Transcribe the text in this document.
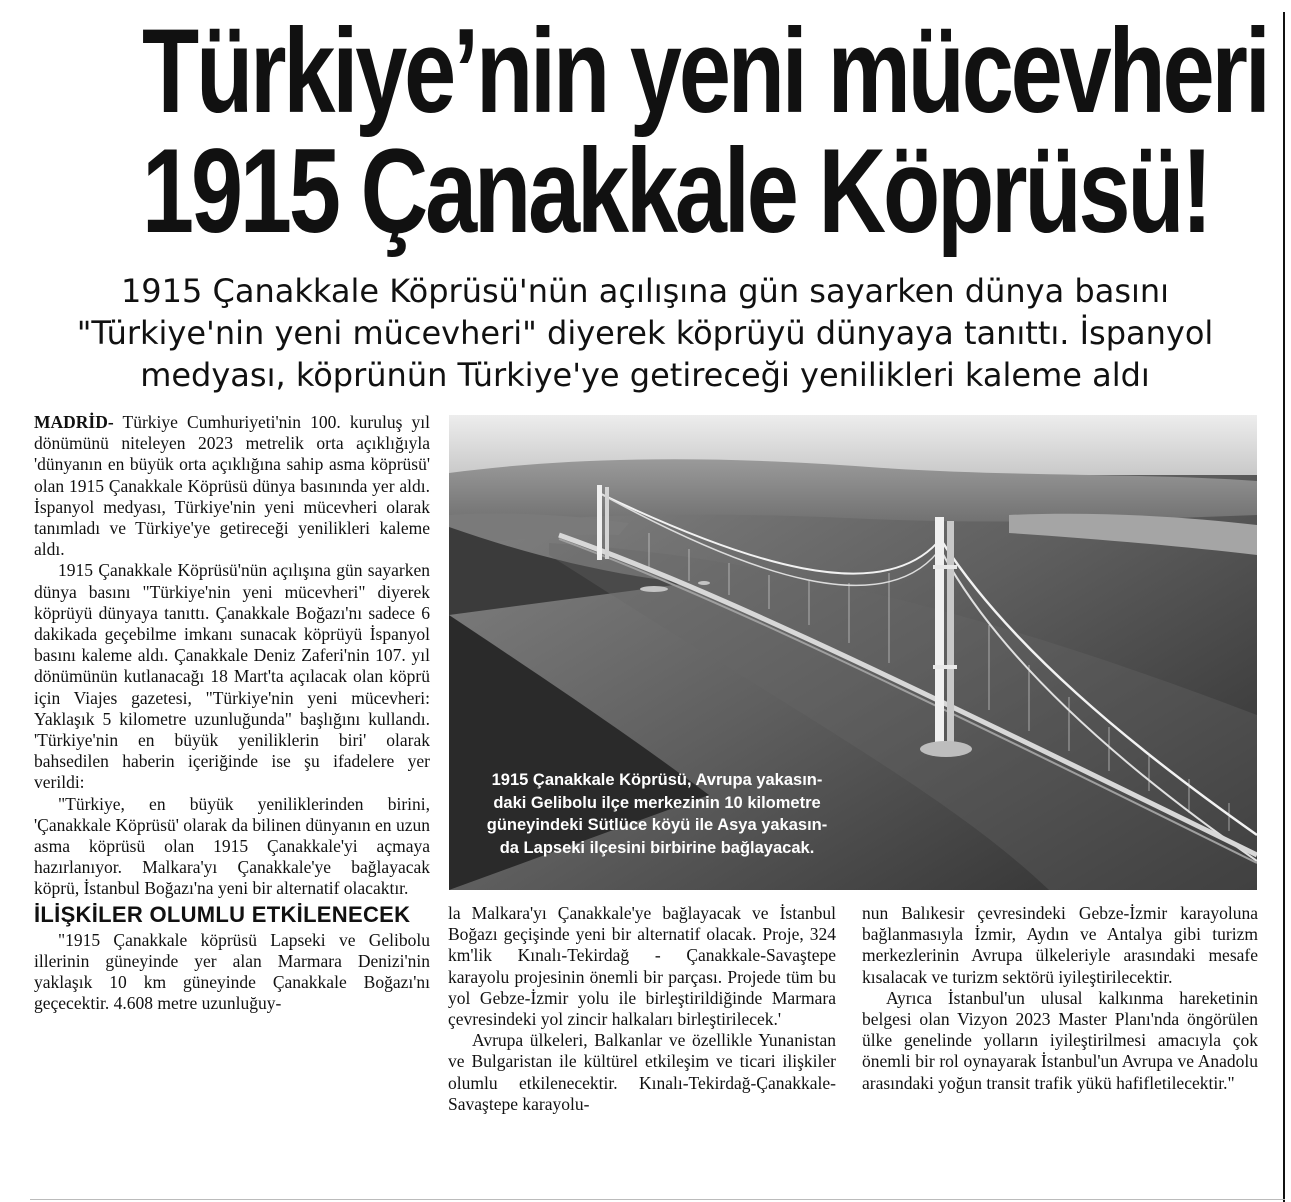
Türkiye’nin yeni mücevheri
1915 Çanakkale Köprüsü!
1915 Çanakkale Köprüsü'nün açılışına gün sayarken dünya basını
"Türkiye'nin yeni mücevheri" diyerek köprüyü dünyaya tanıttı. İspanyol
medyası, köprünün Türkiye'ye getireceği yenilikleri kaleme aldı

MADRİD- Türkiye Cumhuriyeti'nin 100. kuruluş yıl dönümünü niteleyen 2023 metrelik orta açıklığıyla 'dünyanın en büyük orta açıklığına sahip asma köprüsü' olan 1915 Çanakkale Köprüsü dünya basınında yer aldı. İspanyol medyası, Türkiye'nin yeni mücevheri olarak tanımladı ve Türkiye'ye getireceği yenilikleri kaleme aldı.

1915 Çanakkale Köprüsü'nün açılışına gün sayarken dünya basını "Türkiye'nin yeni mücevheri" diyerek köprüyü dünyaya tanıttı. Çanakkale Boğazı'nı sadece 6 dakikada geçebilme imkanı sunacak köprüyü İspanyol basını kaleme aldı. Çanakkale Deniz Zaferi'nin 107. yıl dönümünün kutlanacağı 18 Mart'ta açılacak olan köprü için Viajes gazetesi, "Türkiye'nin yeni mücevheri: Yaklaşık 5 kilometre uzunluğunda" başlığını kullandı. 'Türkiye'nin en büyük yeniliklerin biri' olarak bahsedilen haberin içeriğinde ise şu ifadelere yer verildi:

"Türkiye, en büyük yeniliklerinden birini, 'Çanakkale Köprüsü' olarak da bilinen dünyanın en uzun asma köprüsü olan 1915 Çanakkale'yi açmaya hazırlanıyor. Malkara'yı Çanakkale'ye bağlayacak köprü, İstanbul Boğazı'na yeni bir alternatif olacaktır.

İLİŞKİLER OLUMLU ETKİLENECEK

"1915 Çanakkale köprüsü Lapseki ve Gelibolu illerinin güneyinde yer alan Marmara Denizi'nin yaklaşık 10 km güneyinde Çanakkale Boğazı'nı geçecektir. 4.608 metre uzunluğuy-

1915 Çanakkale Köprüsü, Avrupa yakasın-
daki Gelibolu ilçe merkezinin 10 kilometre
güneyindeki Sütlüce köyü ile Asya yakasın-
da Lapseki ilçesini birbirine bağlayacak.

la Malkara'yı Çanakkale'ye bağlayacak ve İstanbul Boğazı geçişinde yeni bir alternatif olacak. Proje, 324 km'lik Kınalı-Tekirdağ - Çanakkale-Savaştepe karayolu projesinin önemli bir parçası. Projede tüm bu yol Gebze-İzmir yolu ile birleştirildiğinde Marmara çevresindeki yol zincir halkaları birleştirilecek.'

Avrupa ülkeleri, Balkanlar ve özellikle Yunanistan ve Bulgaristan ile kültürel etkileşim ve ticari ilişkiler olumlu etkilenecektir. Kınalı-Tekirdağ-Çanakkale-Savaştepe karayolu-

nun Balıkesir çevresindeki Gebze-İzmir karayoluna bağlanmasıyla İzmir, Aydın ve Antalya gibi turizm merkezlerinin Avrupa ülkeleriyle arasındaki mesafe kısalacak ve turizm sektörü iyileştirilecektir.

Ayrıca İstanbul'un ulusal kalkınma hareketinin belgesi olan Vizyon 2023 Master Planı'nda öngörülen ülke genelinde yolların iyileştirilmesi amacıyla çok önemli bir rol oynayarak İstanbul'un Avrupa ve Anadolu arasındaki yoğun transit trafik yükü hafifletilecektir."
